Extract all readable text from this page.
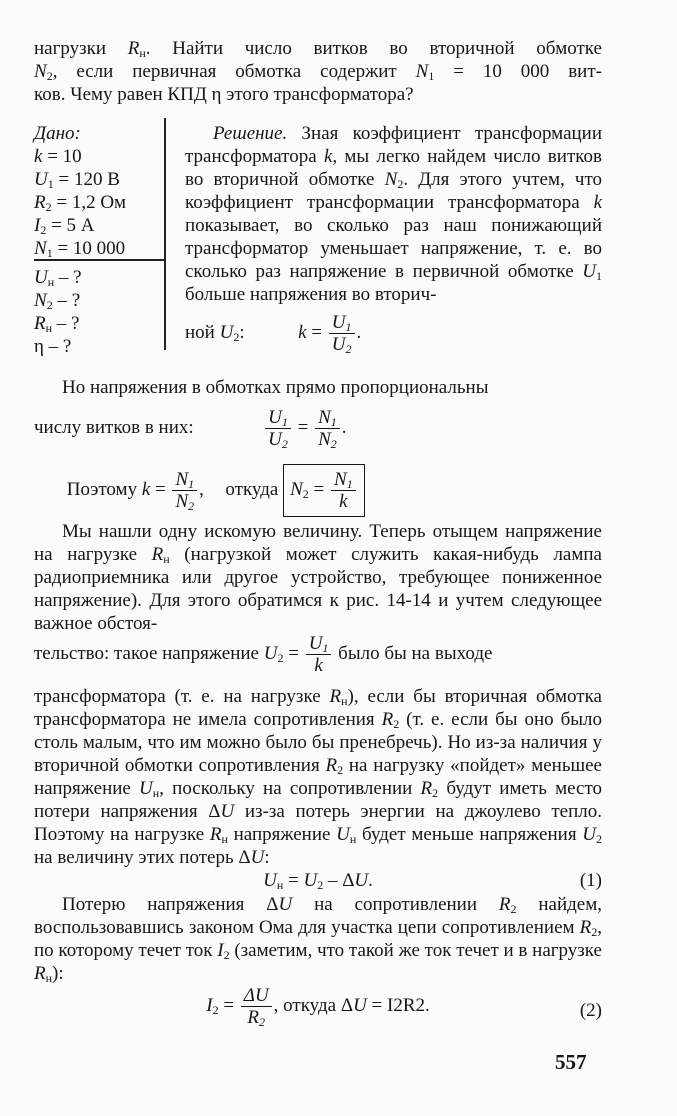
нагрузки $R_н$. Найти число витков во вторичной обмотке
$N_2$, если первичная обмотка содержит $N_1 = 10$ 000 вит-
ков. Чему равен КПД η этого трансформатора?
Дано:
k = 10
$U_1 = 120$ В
$R_2 = 1,2$ Ом
$I_2 = 5$ А
$N_1 = 10$ 000
$U_н$ – ?
$N_2$ – ?
$R_н$ – ?
η – ?
Решение. Зная коэффициент трансформации трансформатора k, мы легко найдем число витков во вторичной обмотке $N_2$. Для этого учтем, что коэффициент трансформации трансформатора k показывает, во сколько раз наш понижающий трансформатор уменьшает напряжение, т. е. во сколько раз напряжение в первичной обмотке $U_1$ больше напряжения во вторич-
ной $U_2$:	$k = \frac{U_1}{U_2}$ .
Но напряжения в обмотках прямо пропорциональны
числу витков в них:	$\frac{U_1}{U_2} = \frac{N_1}{N_2}$ .
Поэтому $k = \frac{N_1}{N_2}$ , откуда $N_2 = \frac{N_1}{k}$
Мы нашли одну искомую величину. Теперь отыщем напряжение на нагрузке $R_н$ (нагрузкой может служить какая-нибудь лампа радиоприемника или другое устройство, требующее пониженное напряжение). Для этого обратимся к рис. 14-14 и учтем следующее важное обстоя-
тельство: такое напряжение $U_2 = \frac{U_1}{k}$ было бы на выходе
трансформатора (т. е. на нагрузке $R_н$), если бы вторичная обмотка трансформатора не имела сопротивления $R_2$ (т. е. если бы оно было столь малым, что им можно было бы пренебречь). Но из-за наличия у вторичной обмотки сопротивления $R_2$ на нагрузку «пойдет» меньшее напряжение $U_н$, поскольку на сопротивлении $R_2$ будут иметь место потери напряжения ΔU из-за потерь энергии на джоулево тепло. Поэтому на нагрузке $R_н$ напряжение $U_н$ будет меньше напряжения $U_2$ на величину этих потерь ΔU:
$U_н = U_2 - \Delta U$.	(1)
Потерю напряжения ΔU на сопротивлении $R_2$ найдем, воспользовавшись законом Ома для участка цепи сопротивлением $R_2$, по которому течет ток $I_2$ (заметим, что такой же ток течет и в нагрузке $R_н$):
$I_2 = \frac{\Delta U}{R_2}$ , откуда ΔU = I2R2.	(2)
557
